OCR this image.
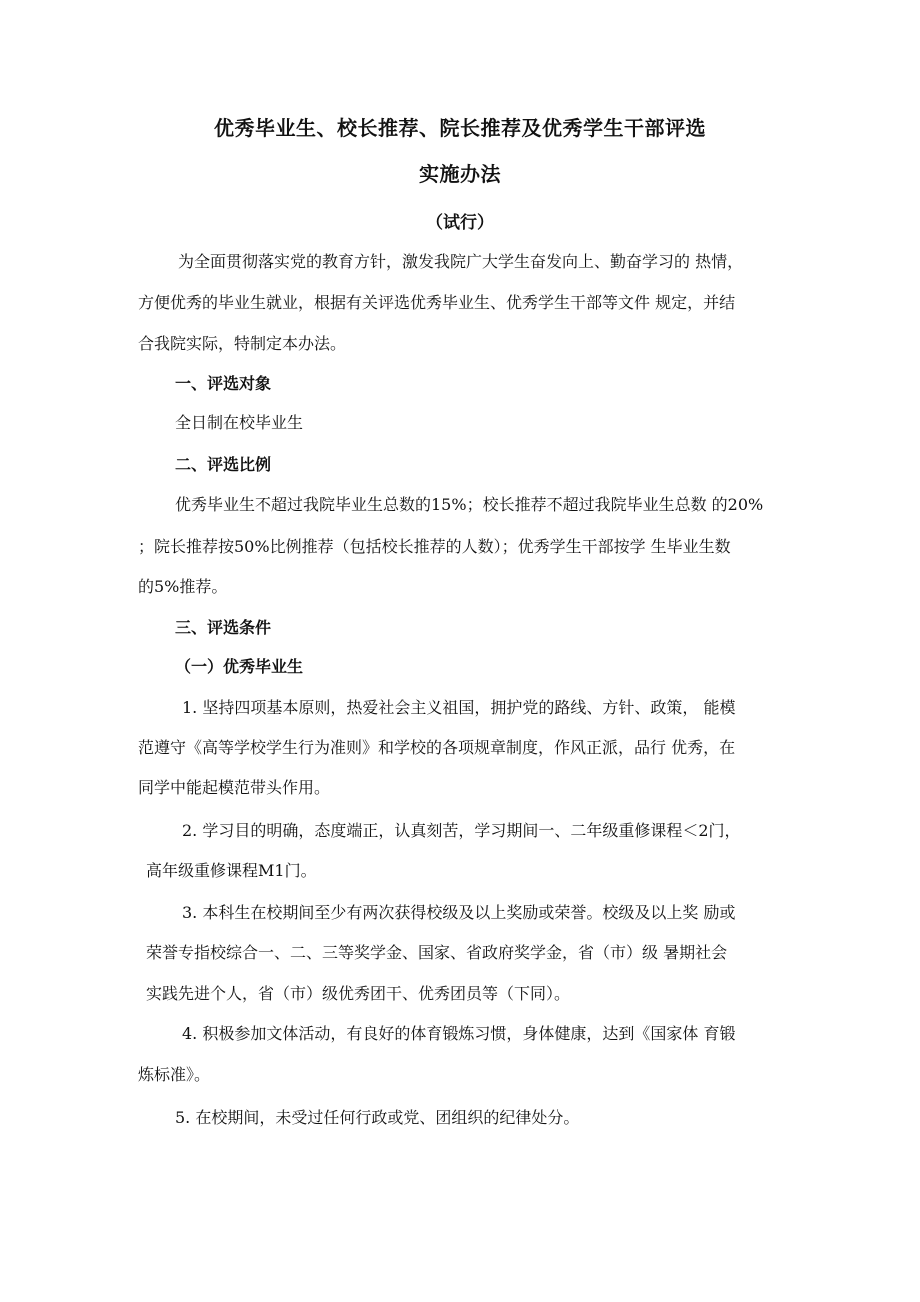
优秀毕业生、校长推荐、院长推荐及优秀学生干部评选
实施办法
（试行）
为全面贯彻落实党的教育方针，激发我院广大学生奋发向上、勤奋学习的 热情，
方便优秀的毕业生就业，根据有关评选优秀毕业生、优秀学生干部等文件 规定，并结
合我院实际，特制定本办法。
一、评选对象
全日制在校毕业生
二、评选比例
优秀毕业生不超过我院毕业生总数的15%；校长推荐不超过我院毕业生总数 的20%
；院长推荐按50%比例推荐（包括校长推荐的人数）；优秀学生干部按学 生毕业生数
的5%推荐。
三、评选条件
（一）优秀毕业生
1. 坚持四项基本原则，热爱社会主义祖国，拥护党的路线、方针、政策， 能模
范遵守《高等学校学生行为准则》和学校的各项规章制度，作风正派，品行 优秀，在
同学中能起模范带头作用。
2. 学习目的明确，态度端正，认真刻苦，学习期间一、二年级重修课程＜2门，
高年级重修课程M1门。
3. 本科生在校期间至少有两次获得校级及以上奖励或荣誉。校级及以上奖 励或
荣誉专指校综合一、二、三等奖学金、国家、省政府奖学金，省（市）级 暑期社会
实践先进个人，省（市）级优秀团干、优秀团员等（下同）。
4. 积极参加文体活动，有良好的体育锻炼习惯，身体健康，达到《国家体 育锻
炼标准》。
5. 在校期间，未受过任何行政或党、团组织的纪律处分。
